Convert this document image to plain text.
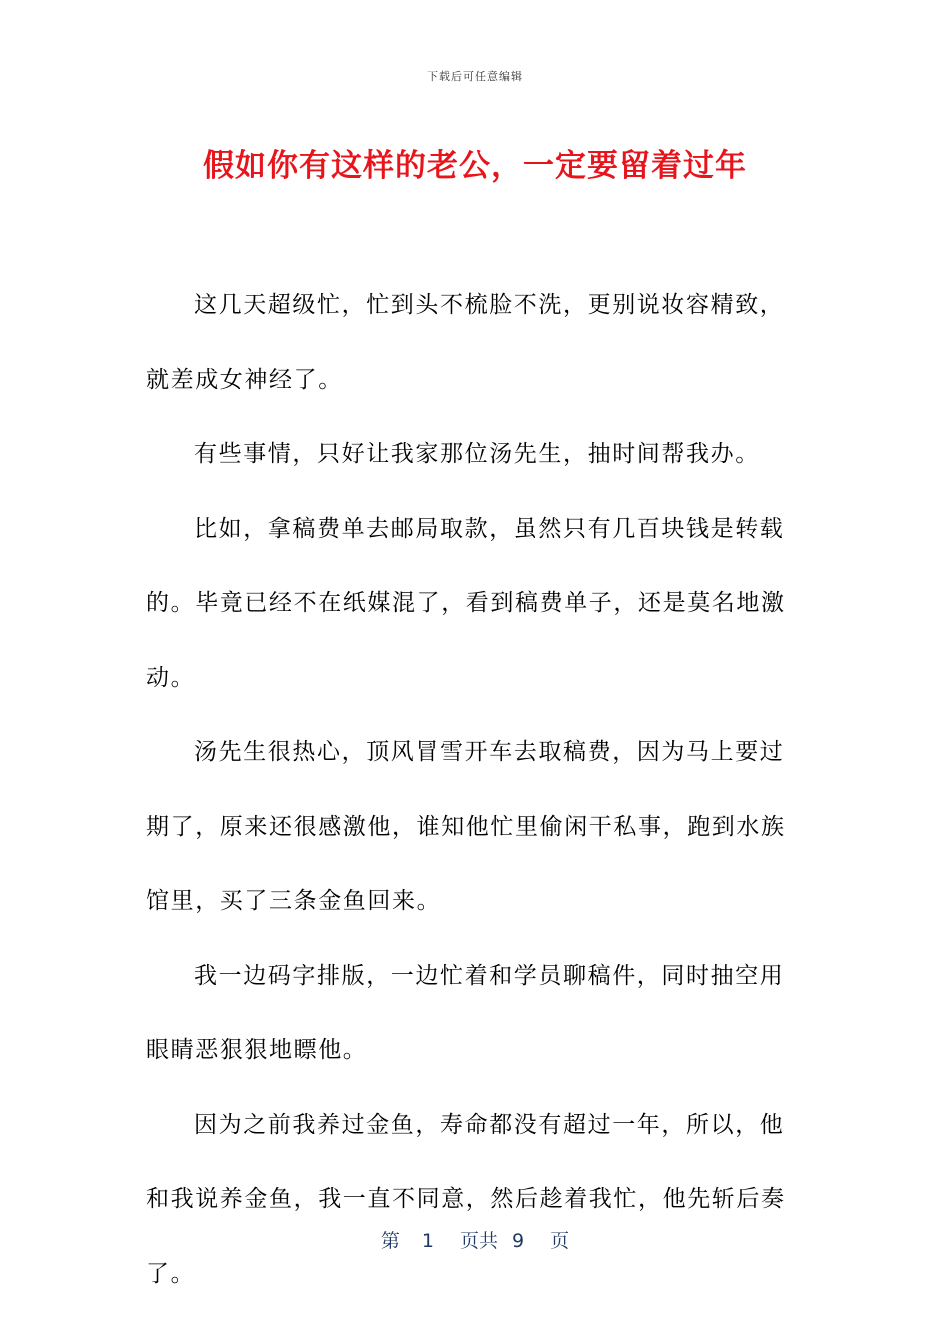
下载后可任意编辑
假如你有这样的老公，一定要留着过年

这几天超级忙，忙到头不梳脸不洗，更别说妆容精致，就差成女神经了。

有些事情，只好让我家那位汤先生，抽时间帮我办。

比如，拿稿费单去邮局取款，虽然只有几百块钱是转载的。毕竟已经不在纸媒混了，看到稿费单子，还是莫名地激动。

汤先生很热心，顶风冒雪开车去取稿费，因为马上要过期了，原来还很感激他，谁知他忙里偷闲干私事，跑到水族馆里，买了三条金鱼回来。

我一边码字排版，一边忙着和学员聊稿件，同时抽空用眼睛恶狠狠地瞟他。

因为之前我养过金鱼，寿命都没有超过一年，所以，他和我说养金鱼，我一直不同意，然后趁着我忙，他先斩后奏了。

第 1 页共 9 页
